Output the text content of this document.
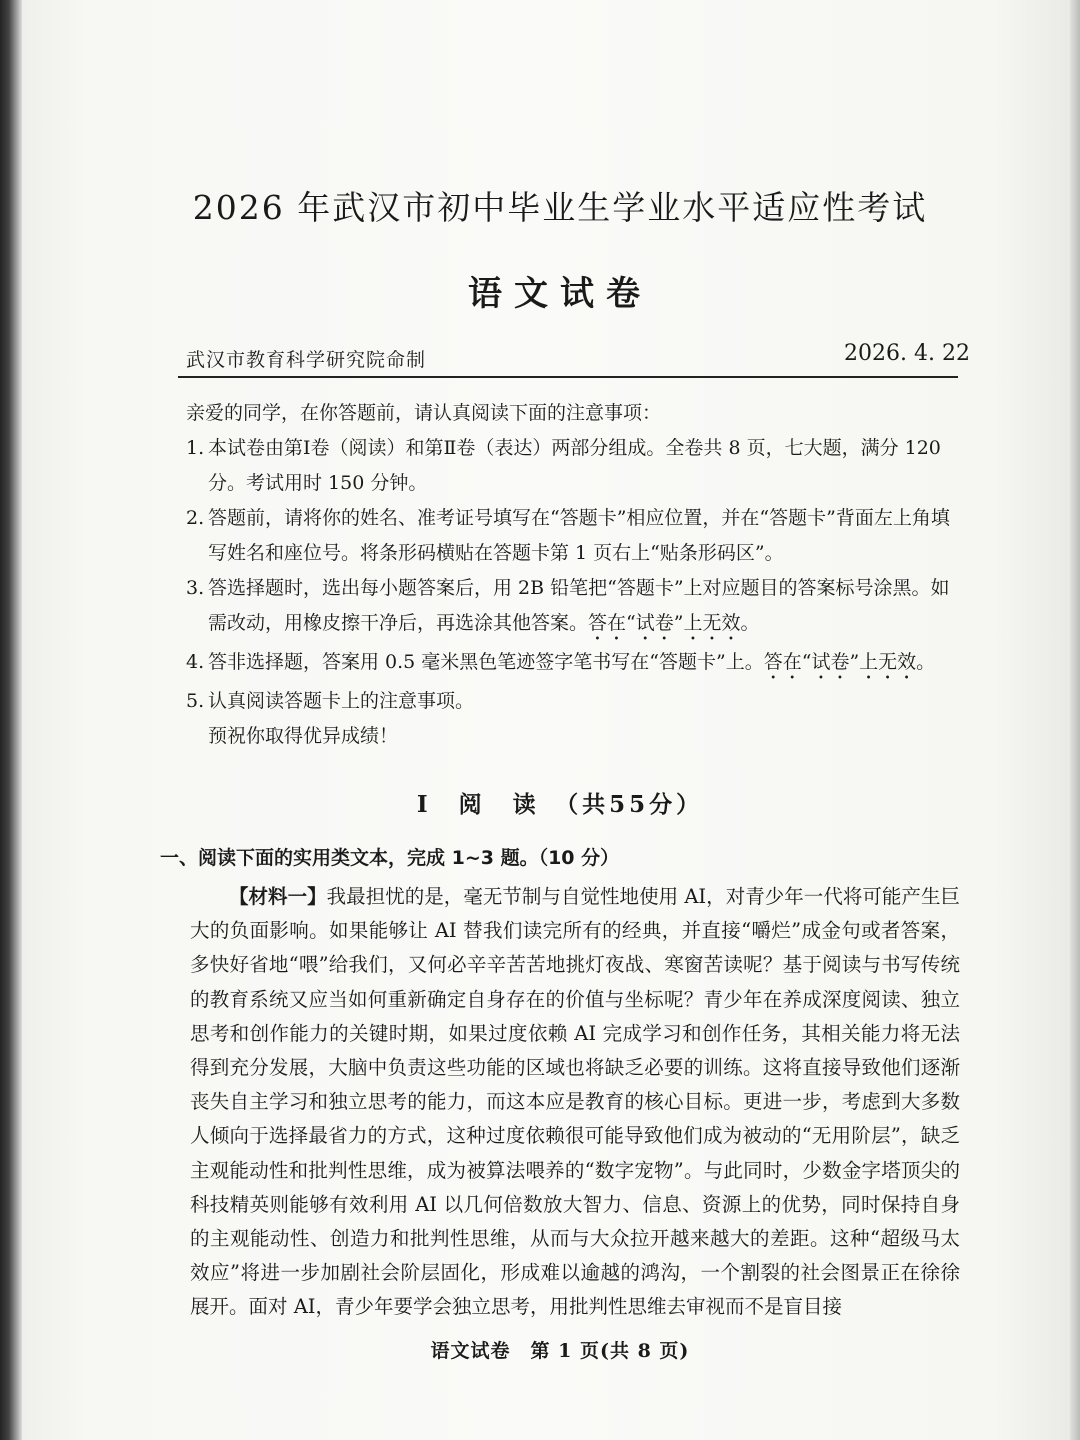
2026 年武汉市初中毕业生学业水平适应性考试
语文试卷
武汉市教育科学研究院命制	2026. 4. 22

亲爱的同学，在你答题前，请认真阅读下面的注意事项：

1. 本试卷由第Ⅰ卷（阅读）和第Ⅱ卷（表达）两部分组成。全卷共 8 页，七大题，满分 120 分。考试用时 150 分钟。

2. 答题前，请将你的姓名、准考证号填写在“答题卡”相应位置，并在“答题卡”背面左上角填写姓名和座位号。将条形码横贴在答题卡第 1 页右上“贴条形码区”。

3. 答选择题时，选出每小题答案后，用 2B 铅笔把“答题卡”上对应题目的答案标号涂黑。如需改动，用橡皮擦干净后，再选涂其他答案。答在“试卷”上无效。

4. 答非选择题，答案用 0.5 毫米黑色笔迹签字笔书写在“答题卡”上。答在“试卷”上无效。

5. 认真阅读答题卡上的注意事项。

预祝你取得优异成绩！

Ⅰ　阅　读　（共55分）
一、阅读下面的实用类文本，完成 1~3 题。（10 分）

【材料一】我最担忧的是，毫无节制与自觉性地使用 AI，对青少年一代将可能产生巨大的负面影响。如果能够让 AI 替我们读完所有的经典，并直接“嚼烂”成金句或者答案，多快好省地“喂”给我们，又何必辛辛苦苦地挑灯夜战、寒窗苦读呢？基于阅读与书写传统的教育系统又应当如何重新确定自身存在的价值与坐标呢？青少年在养成深度阅读、独立思考和创作能力的关键时期，如果过度依赖 AI 完成学习和创作任务，其相关能力将无法得到充分发展，大脑中负责这些功能的区域也将缺乏必要的训练。这将直接导致他们逐渐丧失自主学习和独立思考的能力，而这本应是教育的核心目标。更进一步，考虑到大多数人倾向于选择最省力的方式，这种过度依赖很可能导致他们成为被动的“无用阶层”，缺乏主观能动性和批判性思维，成为被算法喂养的“数字宠物”。与此同时，少数金字塔顶尖的科技精英则能够有效利用 AI 以几何倍数放大智力、信息、资源上的优势，同时保持自身的主观能动性、创造力和批判性思维，从而与大众拉开越来越大的差距。这种“超级马太效应”将进一步加剧社会阶层固化，形成难以逾越的鸿沟，一个割裂的社会图景正在徐徐展开。面对 AI，青少年要学会独立思考，用批判性思维去审视而不是盲目接

语文试卷　第 1 页(共 8 页)
